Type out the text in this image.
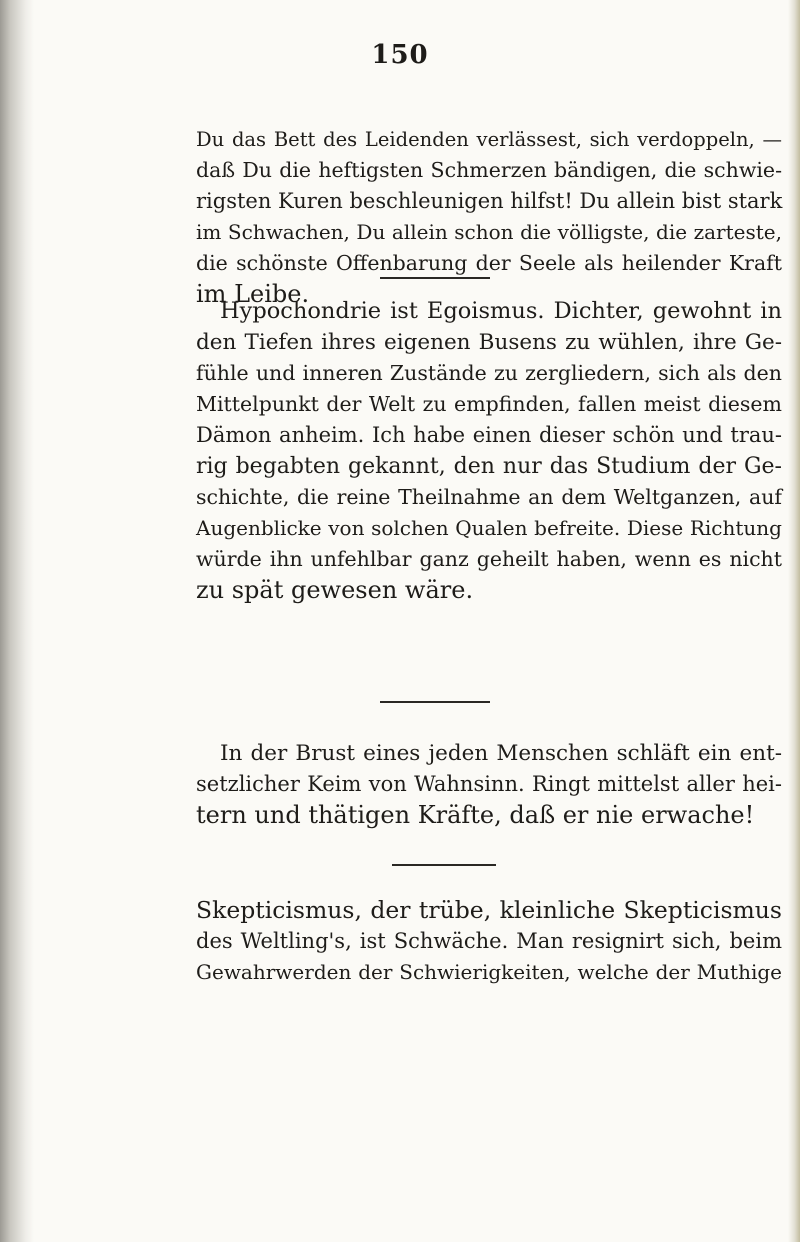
150

Du das Bett des Leidenden verlässest, sich verdoppeln, —
daß Du die heftigsten Schmerzen bändigen, die schwie-
rigsten Kuren beschleunigen hilfst! Du allein bist stark
im Schwachen, Du allein schon die völligste, die zarteste,
die schönste Offenbarung der Seele als heilender Kraft
im Leibe.

Hypochondrie ist Egoismus. Dichter, gewohnt in
den Tiefen ihres eigenen Busens zu wühlen, ihre Ge-
fühle und inneren Zustände zu zergliedern, sich als den
Mittelpunkt der Welt zu empfinden, fallen meist diesem
Dämon anheim. Ich habe einen dieser schön und trau-
rig begabten gekannt, den nur das Studium der Ge-
schichte, die reine Theilnahme an dem Weltganzen, auf
Augenblicke von solchen Qualen befreite. Diese Richtung
würde ihn unfehlbar ganz geheilt haben, wenn es nicht
zu spät gewesen wäre.

In der Brust eines jeden Menschen schläft ein ent-
setzlicher Keim von Wahnsinn. Ringt mittelst aller hei-
tern und thätigen Kräfte, daß er nie erwache!

Skepticismus, der trübe, kleinliche Skepticismus
des Weltling's, ist Schwäche. Man resignirt sich, beim
Gewahrwerden der Schwierigkeiten, welche der Muthige
